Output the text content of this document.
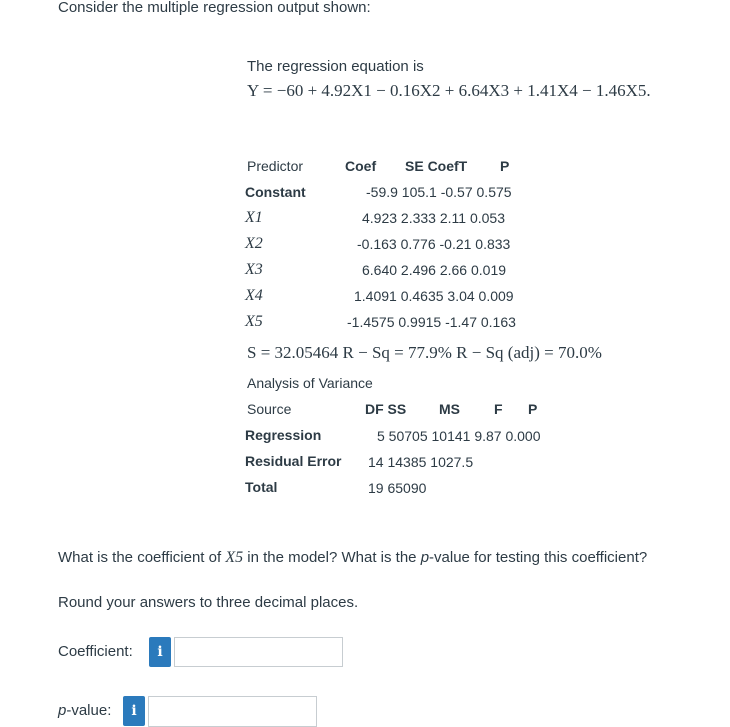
Consider the multiple regression output shown:
The regression equation is
Y = −60 + 4.92X1 − 0.16X2 + 6.64X3 + 1.41X4 − 1.46X5.
Predictor	Coef SE CoefT P
Constant	-59.9 105.1 -0.57 0.575
X1	4.923 2.333 2.11 0.053
X2	-0.163 0.776 -0.21 0.833
X3	6.640 2.496 2.66 0.019
X4	1.4091 0.4635 3.04 0.009
X5	-1.4575 0.9915 -1.47 0.163
S = 32.05464 R − Sq = 77.9% R − Sq (adj) = 70.0%
Analysis of Variance
Source	DF SS MS F P
Regression	5 50705 10141 9.87 0.000
Residual Error 14 14385 1027.5
Total	19 65090
What is the coefficient of X5 in the model? What is the p-value for testing this coefficient?
Round your answers to three decimal places.
Coefficient:	i
p-value:	i
